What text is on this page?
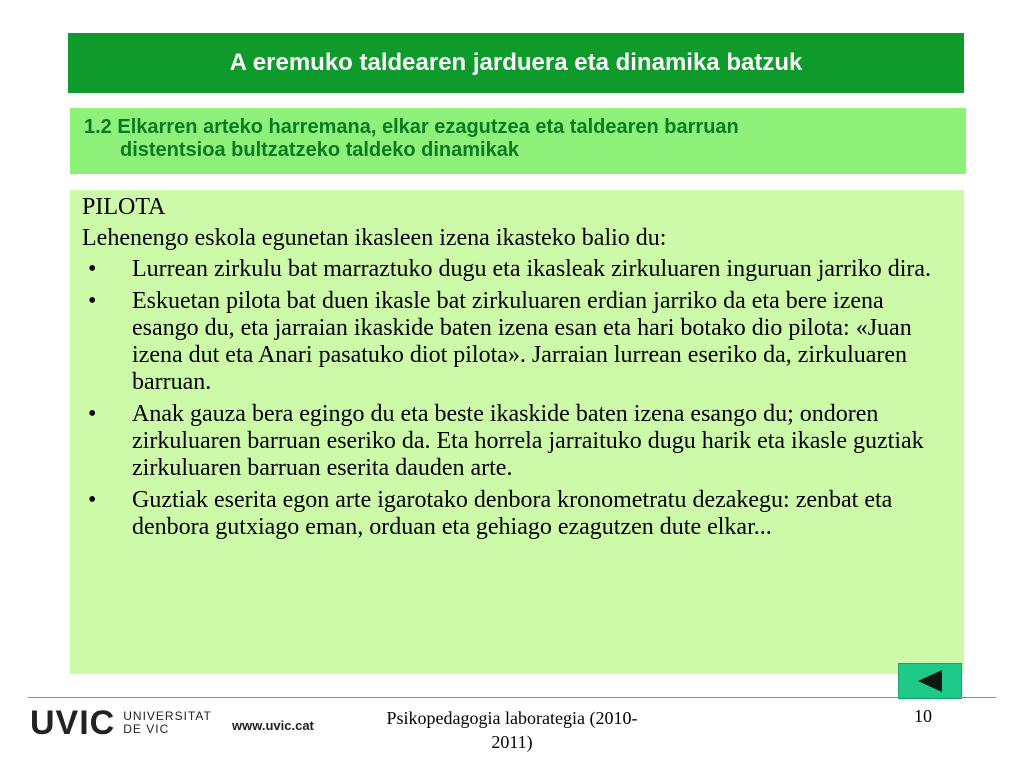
A eremuko taldearen jarduera eta dinamika batzuk
1.2 Elkarren arteko harremana, elkar ezagutzea eta taldearen barruan
distentsioa bultzatzeko taldeko dinamikak

PILOTA

Lehenengo eskola egunetan ikasleen izena ikasteko balio du:

• Lurrean zirkulu bat marraztuko dugu eta ikasleak zirkuluaren inguruan jarriko dira.
• Eskuetan pilota bat duen ikasle bat zirkuluaren erdian jarriko da eta bere izena esango du, eta jarraian ikaskide baten izena esan eta hari botako dio pilota: «Juan izena dut eta Anari pasatuko diot pilota». Jarraian lurrean eseriko da, zirkuluaren barruan.
• Anak gauza bera egingo du eta beste ikaskide baten izena esango du; ondoren zirkuluaren barruan eseriko da. Eta horrela jarraituko dugu harik eta ikasle guztiak zirkuluaren barruan eserita dauden arte.
• Guztiak eserita egon arte igarotako denbora kronometratu dezakegu: zenbat eta denbora gutxiago eman, orduan eta gehiago ezagutzen dute elkar...
UVIC UNIVERSITAT
DE VIC	www.uvic.cat	Psikopedagogia laborategia (2010-
2011)
10
